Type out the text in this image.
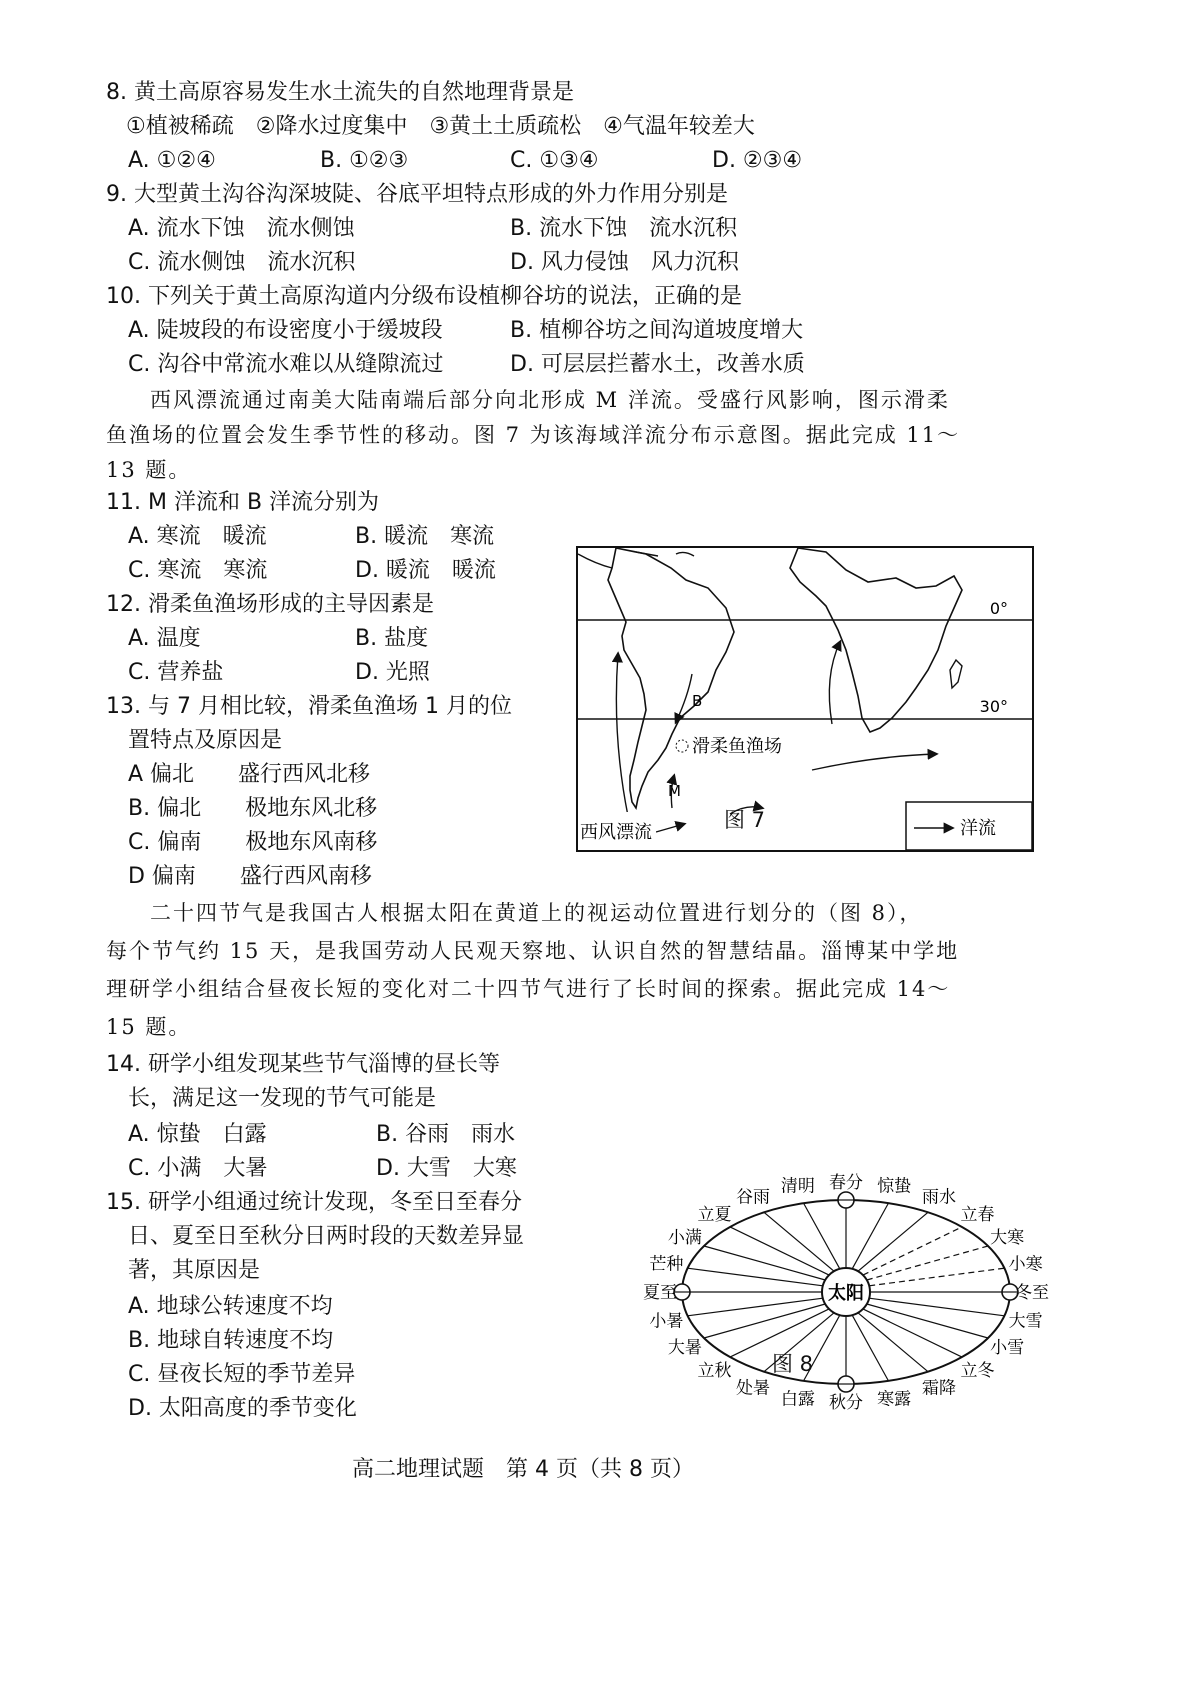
8. 黄土高原容易发生水土流失的自然地理背景是
①植被稀疏　②降水过度集中　③黄土土质疏松　④气温年较差大
A. ①②④	B. ①②③	C. ①③④	D. ②③④
9. 大型黄土沟谷沟深坡陡、谷底平坦特点形成的外力作用分别是
A. 流水下蚀　流水侧蚀	B. 流水下蚀　流水沉积
C. 流水侧蚀　流水沉积	D. 风力侵蚀　风力沉积
10. 下列关于黄土高原沟道内分级布设植柳谷坊的说法，正确的是
A. 陡坡段的布设密度小于缓坡段	B. 植柳谷坊之间沟道坡度增大
C. 沟谷中常流水难以从缝隙流过	D. 可层层拦蓄水土，改善水质
西风漂流通过南美大陆南端后部分向北形成 M 洋流。受盛行风影响，图示滑柔
鱼渔场的位置会发生季节性的移动。图 7 为该海域洋流分布示意图。据此完成 11～
13 题。
11. M 洋流和 B 洋流分别为
A. 寒流　暖流	B. 暖流　寒流
C. 寒流　寒流	D. 暖流　暖流
12. 滑柔鱼渔场形成的主导因素是
A. 温度	B. 盐度
C. 营养盐	D. 光照
13. 与 7 月相比较，滑柔鱼渔场 1 月的位
置特点及原因是
A 偏北　　盛行西风北移
B. 偏北　　极地东风北移
C. 偏南　　极地东风南移
D 偏南　　盛行西风南移
0°
30°
B
M
滑柔鱼渔场
西风漂流	洋流
图 7
二十四节气是我国古人根据太阳在黄道上的视运动位置进行划分的（图 8），
每个节气约 15 天，是我国劳动人民观天察地、认识自然的智慧结晶。淄博某中学地
理研学小组结合昼夜长短的变化对二十四节气进行了长时间的探索。据此完成 14～
15 题。
14. 研学小组发现某些节气淄博的昼长等
长，满足这一发现的节气可能是
A. 惊蛰　白露	B. 谷雨　雨水
C. 小满　大暑	D. 大雪　大寒
15. 研学小组通过统计发现，冬至日至春分
日、夏至日至秋分日两时段的天数差异显
著，其原因是
A. 地球公转速度不均
B. 地球自转速度不均
C. 昼夜长短的季节差异
D. 太阳高度的季节变化
太阳
春分 惊蛰
雨水
立春
大寒
小寒
冬至
大雪
小雪
立冬
霜降
寒露
秋分
白露
处暑
立秋
大暑
小暑
夏至
芒种
小满
立夏
谷雨
清明
图 8
高二地理试题　第 4 页（共 8 页）
